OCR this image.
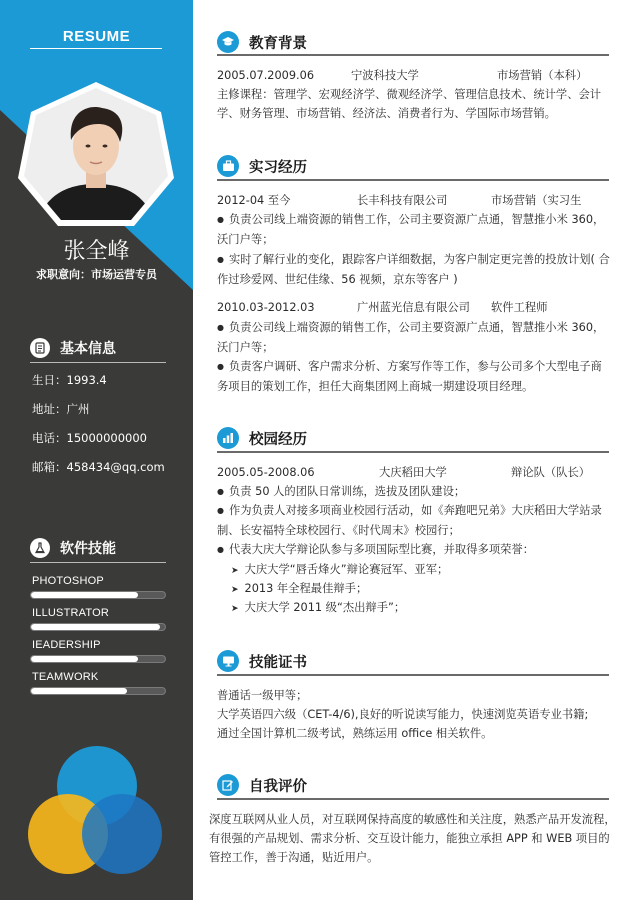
RESUME
张全峰
求职意向：市场运营专员
基本信息
生日：1993.4
地址：广州
电话：15000000000
邮箱：458434@qq.com
软件技能
PHOTOSHOP
ILLUSTRATOR
IEADERSHIP
TEAMWORK
教育背景
2005.07.2009.06	宁波科技大学	市场营销（本科）
主修课程：管理学、宏观经济学、微观经济学、管理信息技术、统计学、会计学、财务管理、市场营销、经济法、消费者行为、学国际市场营销。
实习经历
2012-04 至今	长丰科技有限公司	市场营销（实习生
● 负责公司线上端资源的销售工作，公司主要资源广点通，智慧推小米 360，沃门户等；
● 实时了解行业的变化，跟踪客户详细数据，为客户制定更完善的投放计划( 合作过珍爱网、世纪佳缘、56 视频，京东等客户 )
2010.03-2012.03	广州蓝光信息有限公司 软件工程师
● 负责公司线上端资源的销售工作，公司主要资源广点通，智慧推小米 360，沃门户等；
● 负责客户调研、客户需求分析、方案写作等工作，参与公司多个大型电子商务项目的策划工作，担任大商集团网上商城一期建设项目经理。
校园经历
2005.05-2008.06	大庆稻田大学	辩论队（队长）
● 负责 50 人的团队日常训练，选拔及团队建设；
● 作为负责人对接多项商业校园行活动，如《奔跑吧兄弟》大庆稻田大学站录制、长安福特全球校园行、《时代周末》校园行；
● 代表大庆大学辩论队参与多项国际型比赛，并取得多项荣誉：
➤ 大庆大学“唇舌烽火”辩论赛冠军、亚军；
➤ 2013 年全程最佳辩手；
➤ 大庆大学 2011 级“杰出辩手”；
技能证书
普通话一级甲等；
大学英语四六级（CET-4/6),良好的听说读写能力，快速浏览英语专业书籍;
通过全国计算机二级考试，熟练运用 office 相关软件。
自我评价
深度互联网从业人员，对互联网保持高度的敏感性和关注度，熟悉产品开发流程，有很强的产品规划、需求分析、交互设计能力，能独立承担 APP 和 WEB 项目的管控工作，善于沟通，贴近用户。
